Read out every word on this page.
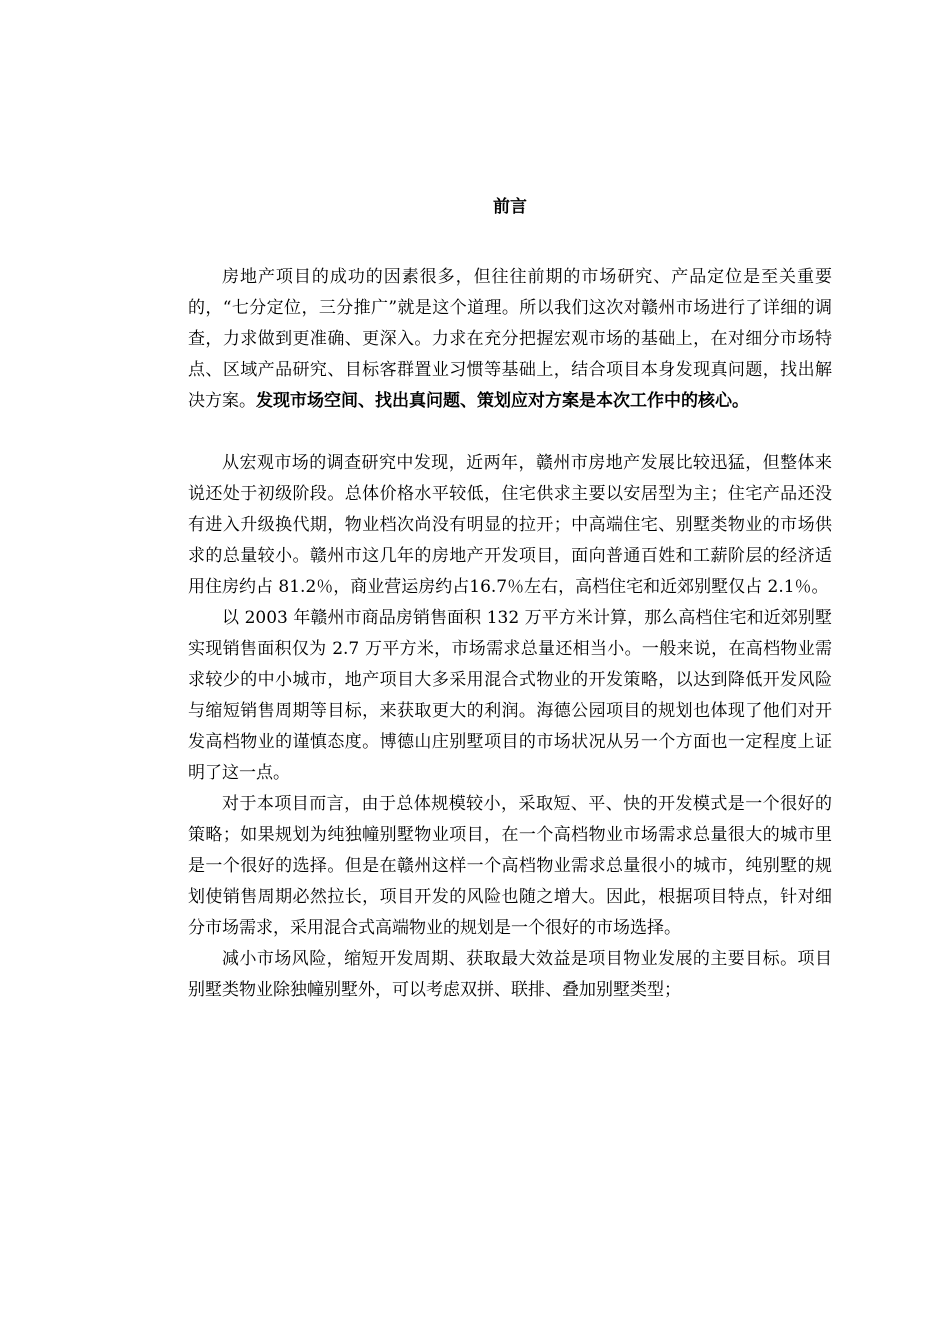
前言

房地产项目的成功的因素很多，但往往前期的市场研究、产品定位是至关重要的，“七分定位，三分推广”就是这个道理。所以我们这次对赣州市场进行了详细的调查，力求做到更准确、更深入。力求在充分把握宏观市场的基础上，在对细分市场特点、区域产品研究、目标客群置业习惯等基础上，结合项目本身发现真问题，找出解决方案。发现市场空间、找出真问题、策划应对方案是本次工作中的核心。

从宏观市场的调查研究中发现，近两年，赣州市房地产发展比较迅猛，但整体来说还处于初级阶段。总体价格水平较低，住宅供求主要以安居型为主；住宅产品还没有进入升级换代期，物业档次尚没有明显的拉开；中高端住宅、别墅类物业的市场供求的总量较小。赣州市这几年的房地产开发项目，面向普通百姓和工薪阶层的经济适用住房约占 81.2％，商业营运房约占16.7％左右，高档住宅和近郊别墅仅占 2.1％。

以 2003 年赣州市商品房销售面积 132 万平方米计算，那么高档住宅和近郊别墅实现销售面积仅为 2.7 万平方米，市场需求总量还相当小。一般来说，在高档物业需求较少的中小城市，地产项目大多采用混合式物业的开发策略，以达到降低开发风险与缩短销售周期等目标，来获取更大的利润。海德公园项目的规划也体现了他们对开发高档物业的谨慎态度。博德山庄别墅项目的市场状况从另一个方面也一定程度上证明了这一点。

对于本项目而言，由于总体规模较小，采取短、平、快的开发模式是一个很好的策略；如果规划为纯独幢别墅物业项目，在一个高档物业市场需求总量很大的城市里是一个很好的选择。但是在赣州这样一个高档物业需求总量很小的城市，纯别墅的规划使销售周期必然拉长，项目开发的风险也随之增大。因此，根据项目特点，针对细分市场需求，采用混合式高端物业的规划是一个很好的市场选择。

减小市场风险，缩短开发周期、获取最大效益是项目物业发展的主要目标。项目别墅类物业除独幢别墅外，可以考虑双拼、联排、叠加别墅类型；
